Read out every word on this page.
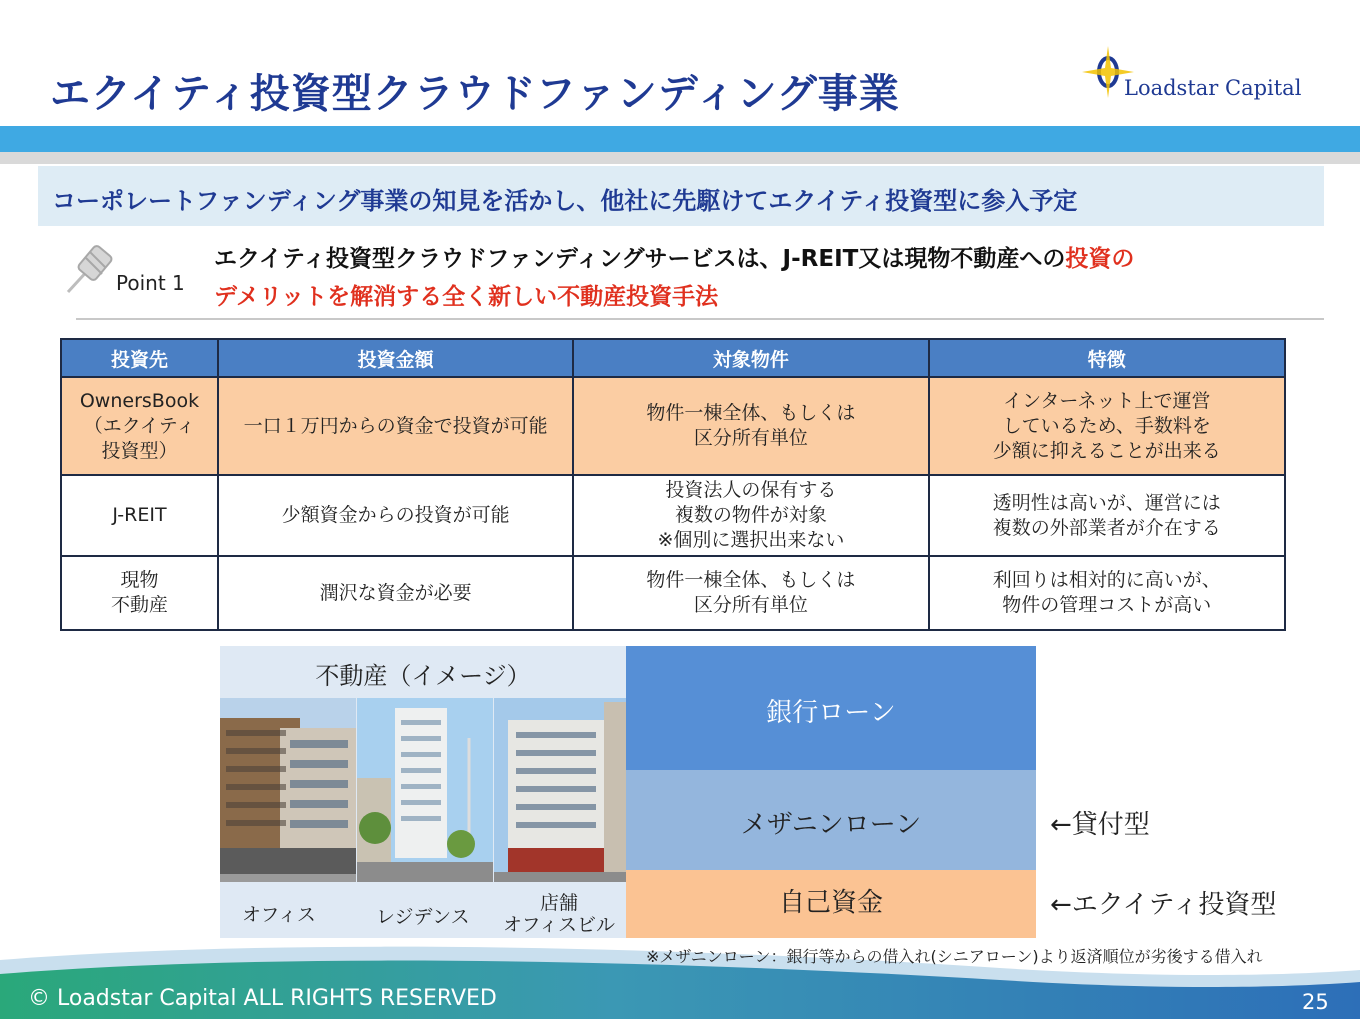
エクイティ投資型クラウドファンディング事業	Loadstar Capital
コーポレートファンディング事業の知見を活かし、他社に先駆けてエクイティ投資型に参入予定
Point 1
エクイティ投資型クラウドファンディングサービスは、J-REIT又は現物不動産への投資の
デメリットを解消する全く新しい不動産投資手法
投資先	投資金額	対象物件	特徴

OwnersBook
（エクイティ
投資型）	一口１万円からの資金で投資が可能	物件一棟全体、もしくは
区分所有単位	インターネット上で運営
しているため、手数料を
少額に抑えることが出来る

J-REIT	少額資金からの投資が可能	投資法人の保有する
複数の物件が対象
※個別に選択出来ない	透明性は高いが、運営には
複数の外部業者が介在する

現物
不動産	潤沢な資金が必要	物件一棟全体、もしくは
区分所有単位	利回りは相対的に高いが、
物件の管理コストが高い
不動産（イメージ）
オフィス	レジデンス
店舗
オフィスビル
銀行ローン
メザニンローン
自己資金
←貸付型
←エクイティ投資型
※メザニンローン：銀行等からの借入れ(シニアローン)より返済順位が劣後する借入れ
© Loadstar Capital ALL RIGHTS RESERVED	25
